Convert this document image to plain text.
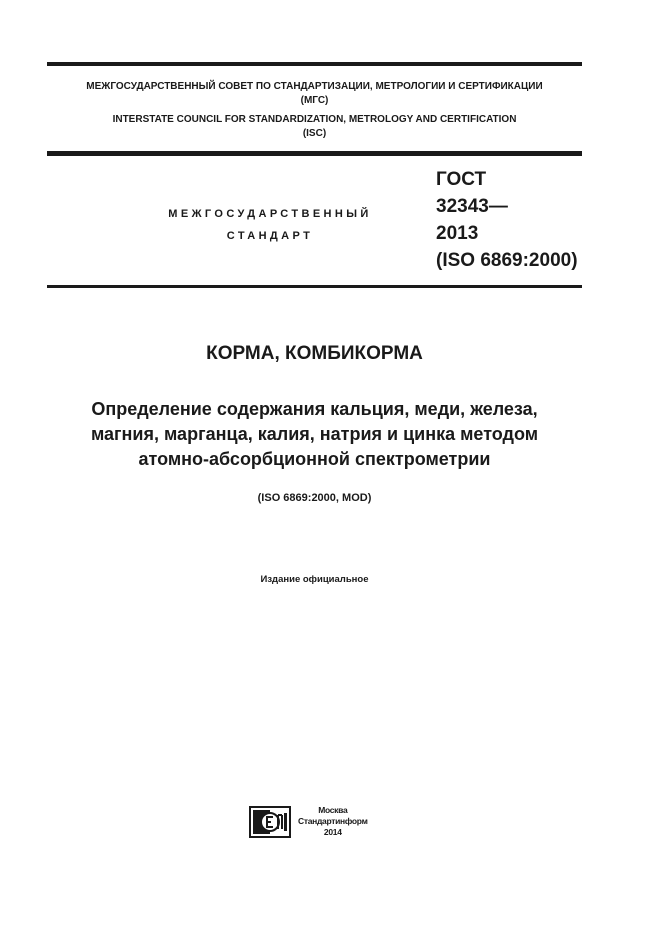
МЕЖГОСУДАРСТВЕННЫЙ СОВЕТ ПО СТАНДАРТИЗАЦИИ, МЕТРОЛОГИИ И СЕРТИФИКАЦИИ
(МГС)
INTERSTATE COUNCIL FOR STANDARDIZATION, METROLOGY AND CERTIFICATION
(ISC)
МЕЖГОСУДАРСТВЕННЫЙ
СТАНДАРТ
ГОСТ
32343—
2013
(ISO 6869:2000)
КОРМА, КОМБИКОРМА
Определение содержания кальция, меди, железа,
магния, марганца, калия, натрия и цинка методом
атомно-абсорбционной спектрометрии
(ISO 6869:2000, MOD)
Издание официальное
Москва
Стандартинформ
2014
